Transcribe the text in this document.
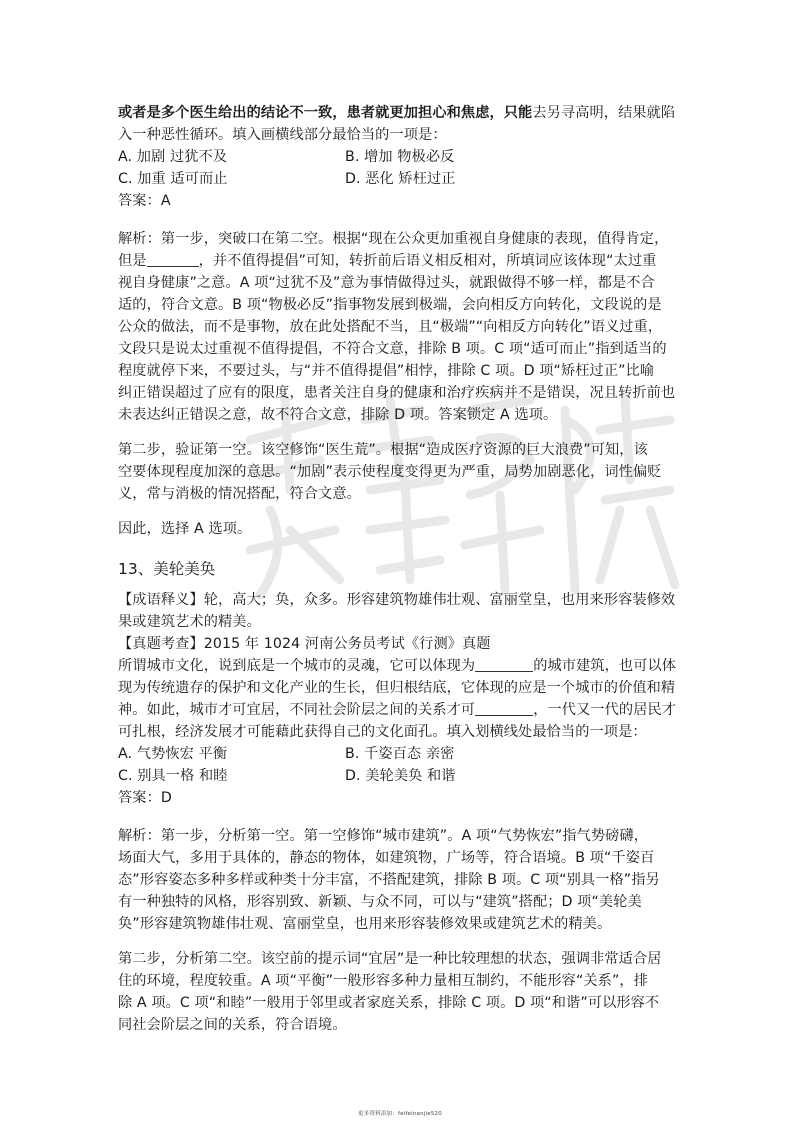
或者是多个医生给出的结论不一致，患者就更加担心和焦虑，只能去另寻高明，结果就陷
入一种恶性循环。填入画横线部分最恰当的一项是：
A. 加剧 过犹不及	B. 增加 物极必反
C. 加重 适可而止	D. 恶化 矫枉过正
答案：A
解析：第一步，突破口在第二空。根据“现在公众更加重视自身健康的表现，值得肯定，
但是	，并不值得提倡”可知，转折前后语义相反相对，所填词应该体现“太过重
视自身健康”之意。A 项“过犹不及”意为事情做得过头，就跟做得不够一样，都是不合
适的，符合文意。B 项“物极必反”指事物发展到极端，会向相反方向转化，文段说的是
公众的做法，而不是事物，放在此处搭配不当，且“极端”“向相反方向转化”语义过重，
文段只是说太过重视不值得提倡，不符合文意，排除 B 项。C 项“适可而止”指到适当的
程度就停下来，不要过头，与“并不值得提倡”相悖，排除 C 项。D 项“矫枉过正”比喻
纠正错误超过了应有的限度，患者关注自身的健康和治疗疾病并不是错误，况且转折前也
未表达纠正错误之意，故不符合文意，排除 D 项。答案锁定 A 选项。
第二步，验证第一空。该空修饰“医生荒”。根据“造成医疗资源的巨大浪费”可知，该
空要体现程度加深的意思。“加剧”表示使程度变得更为严重，局势加剧恶化，词性偏贬
义，常与消极的情况搭配，符合文意。
因此，选择 A 选项。
13、美轮美奂
【成语释义】轮，高大；奂，众多。形容建筑物雄伟壮观、富丽堂皇，也用来形容装修效
果或建筑艺术的精美。
【真题考查】2015 年 1024 河南公务员考试《行测》真题
所谓城市文化，说到底是一个城市的灵魂，它可以体现为	的城市建筑，也可以体
现为传统遗存的保护和文化产业的生长，但归根结底，它体现的应是一个城市的价值和精
神。如此，城市才可宜居，不同社会阶层之间的关系才可	，一代又一代的居民才
可扎根，经济发展才可能藉此获得自己的文化面孔。填入划横线处最恰当的一项是：
A. 气势恢宏 平衡	B. 千姿百态 亲密
C. 别具一格 和睦	D. 美轮美奂 和谐
答案：D
解析：第一步，分析第一空。第一空修饰“城市建筑”。A 项“气势恢宏”指气势磅礴，
场面大气，多用于具体的，静态的物体，如建筑物，广场等，符合语境。B 项“千姿百
态”形容姿态多种多样或种类十分丰富，不搭配建筑，排除 B 项。C 项“别具一格”指另
有一种独特的风格，形容别致、新颖、与众不同，可以与“建筑”搭配；D 项“美轮美
奂”形容建筑物雄伟壮观、富丽堂皇，也用来形容装修效果或建筑艺术的精美。
第二步，分析第二空。该空前的提示词“宜居”是一种比较理想的状态，强调非常适合居
住的环境，程度较重。A 项“平衡”一般形容多种力量相互制约，不能形容“关系”，排
除 A 项。C 项“和睦”一般用于邻里或者家庭关系，排除 C 项。D 项“和谐”可以形容不
同社会阶层之间的关系，符合语境。
更多资料添加：feifeinanjie520
